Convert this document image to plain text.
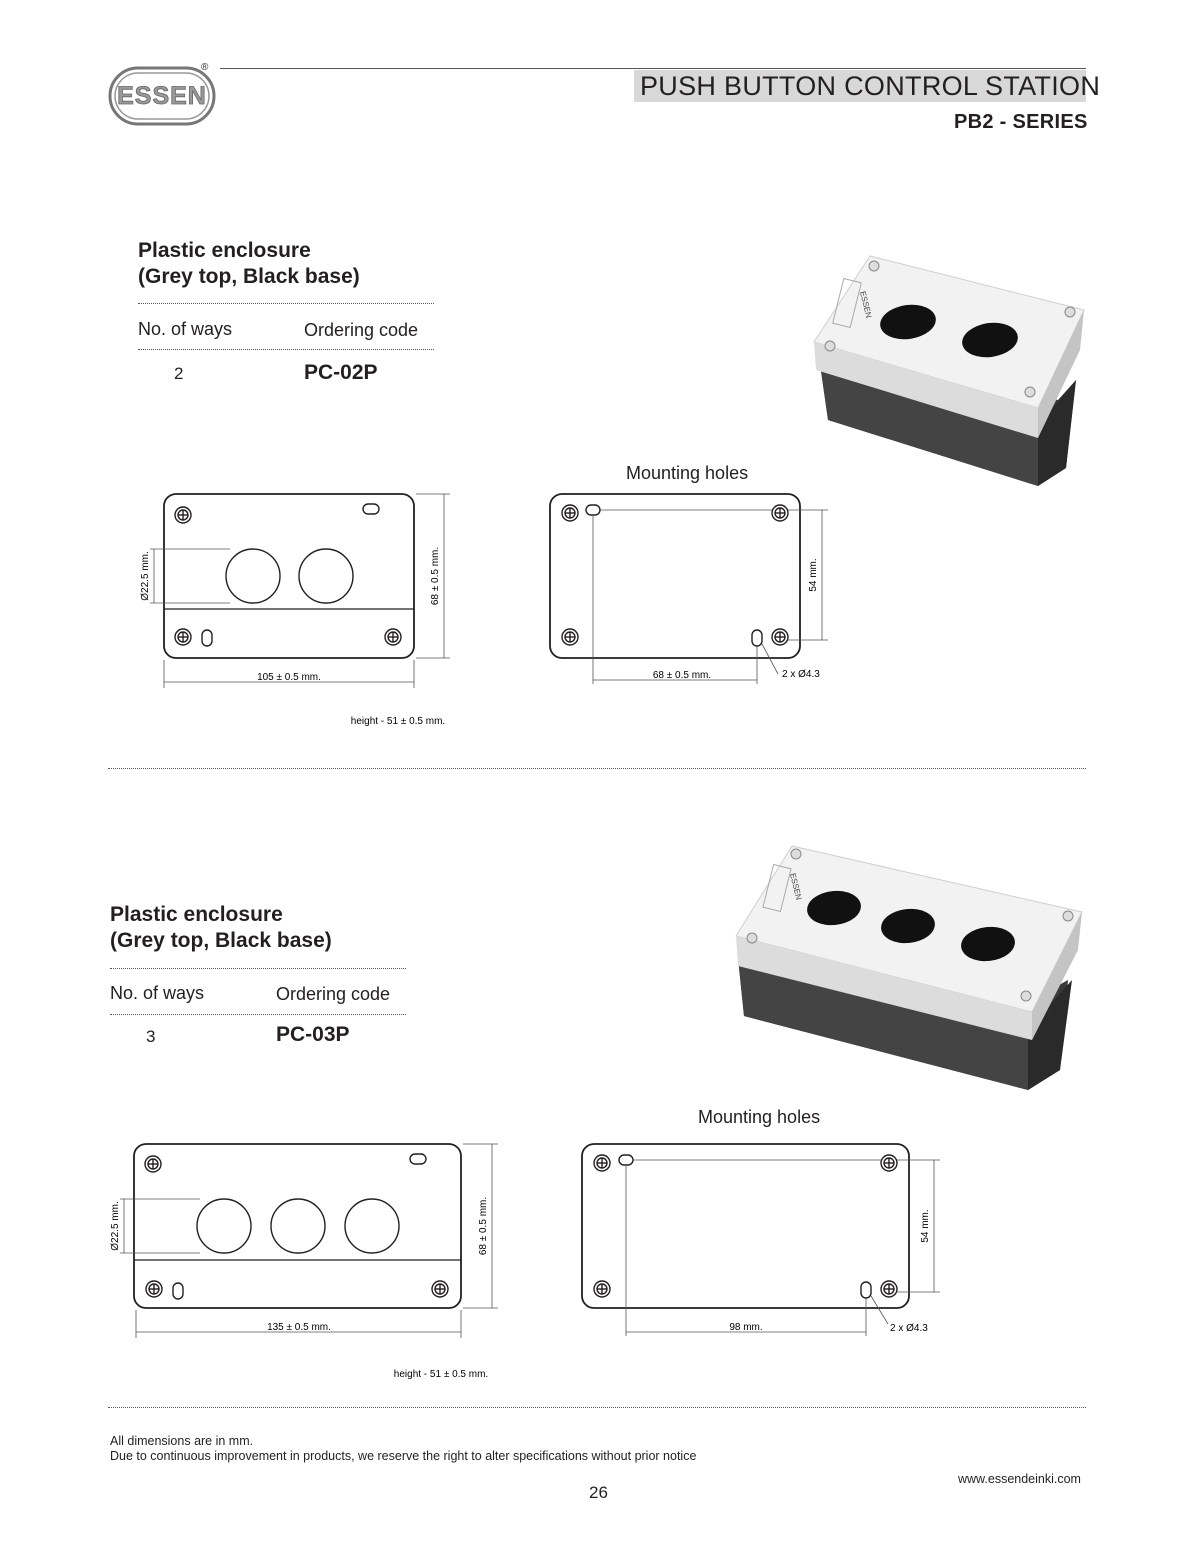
ESSEN
®
PUSH BUTTON CONTROL STATION
PB2 - SERIES
Plastic enclosure
(Grey top, Black base)
No. of ways	Ordering code
2	PC-02P
ESSEN
Ø22.5 mm.	68 ± 0.5 mm.
105 ± 0.5 mm.
height - 51 ± 0.5 mm.
Mounting holes
54 mm.
68 ± 0.5 mm.	2 x Ø4.3
Plastic enclosure
(Grey top, Black base)
No. of ways	Ordering code
3	PC-03P
ESSEN
Ø22.5 mm.	68 ± 0.5 mm.
135 ± 0.5 mm.
height - 51 ± 0.5 mm.
Mounting holes
54 mm.
98 mm.	2 x Ø4.3
All dimensions are in mm.
Due to continuous improvement in products, we reserve the right to alter specifications without prior notice
www.essendeinki.com
26
